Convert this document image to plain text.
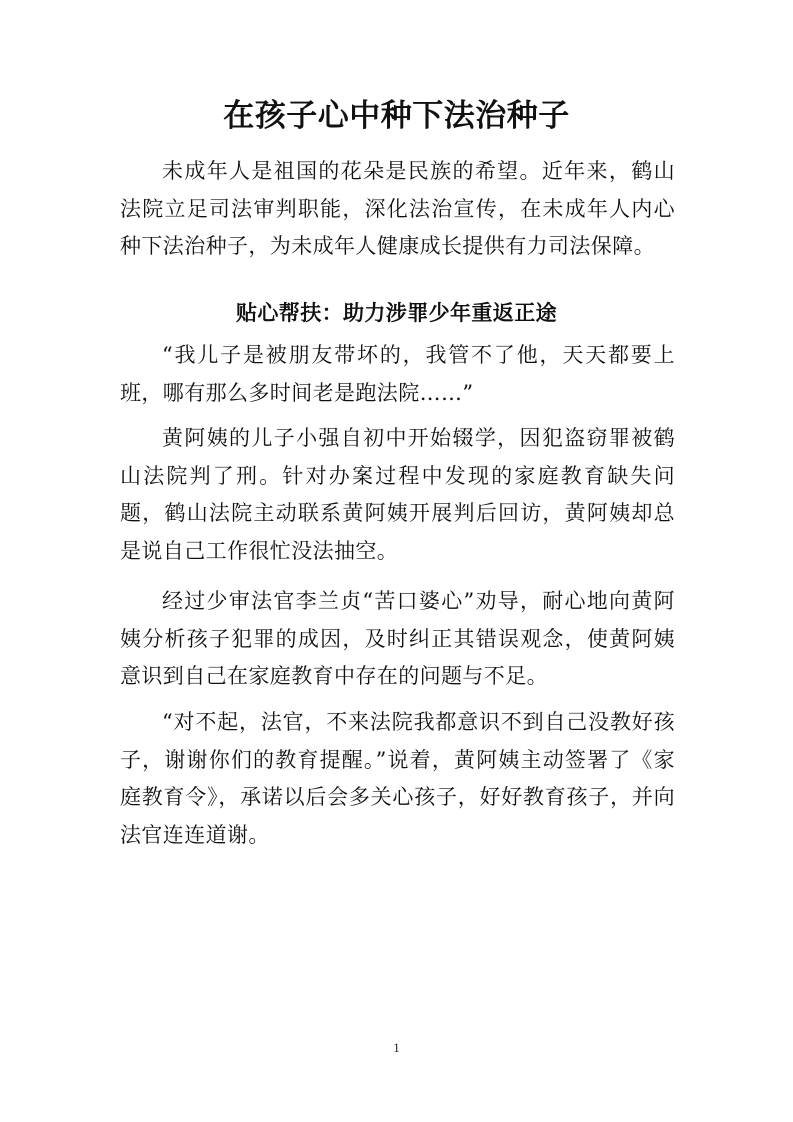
在孩子心中种下法治种子

未成年人是祖国的花朵是民族的希望。近年来，鹤山法院立足司法审判职能，深化法治宣传，在未成年人内心种下法治种子，为未成年人健康成长提供有力司法保障。

贴心帮扶：助力涉罪少年重返正途

“我儿子是被朋友带坏的，我管不了他，天天都要上班，哪有那么多时间老是跑法院……”

黄阿姨的儿子小强自初中开始辍学，因犯盗窃罪被鹤山法院判了刑。针对办案过程中发现的家庭教育缺失问题，鹤山法院主动联系黄阿姨开展判后回访，黄阿姨却总是说自己工作很忙没法抽空。

经过少审法官李兰贞“苦口婆心”劝导，耐心地向黄阿姨分析孩子犯罪的成因，及时纠正其错误观念，使黄阿姨意识到自己在家庭教育中存在的问题与不足。

“对不起，法官，不来法院我都意识不到自己没教好孩子，谢谢你们的教育提醒。”说着，黄阿姨主动签署了《家庭教育令》，承诺以后会多关心孩子，好好教育孩子，并向法官连连道谢。

1
